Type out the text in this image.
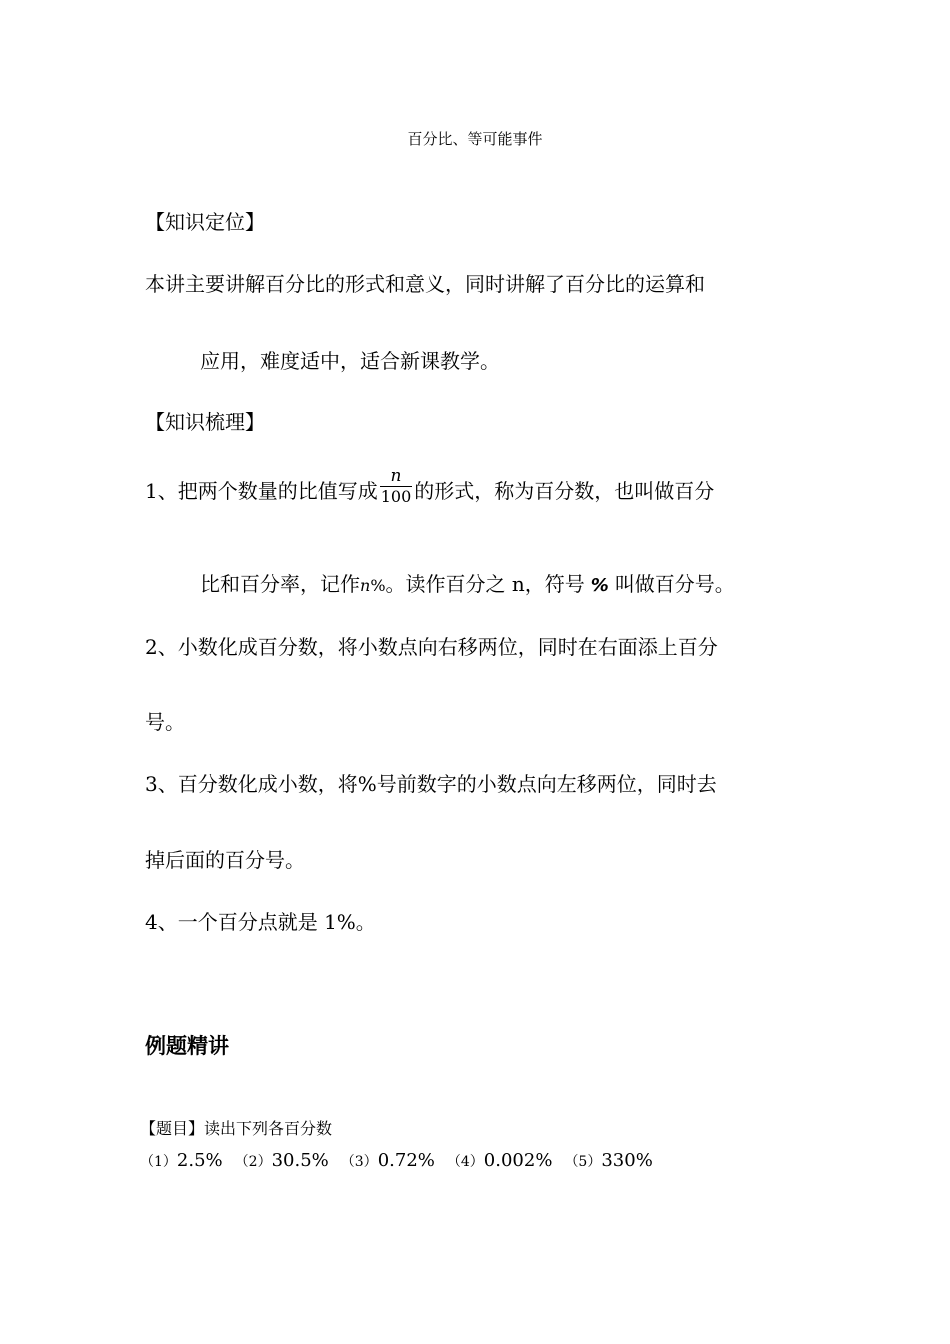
百分比、等可能事件
【知识定位】
本讲主要讲解百分比的形式和意义，同时讲解了百分比的运算和
应用，难度适中，适合新课教学。
【知识梳理】
1、把两个数量的比值写成 $\frac{n}{100}$ 的形式，称为百分数，也叫做百分
比和百分率，记作n%。读作百分之 n，符号 % 叫做百分号。
2、小数化成百分数，将小数点向右移两位，同时在右面添上百分
号。
3、百分数化成小数，将%号前数字的小数点向左移两位，同时去
掉后面的百分号。
4、一个百分点就是 1%。
例题精讲
【题目】读出下列各百分数
（1）2.5% （2）30.5% （3）0.72% （4）0.002% （5）330%
